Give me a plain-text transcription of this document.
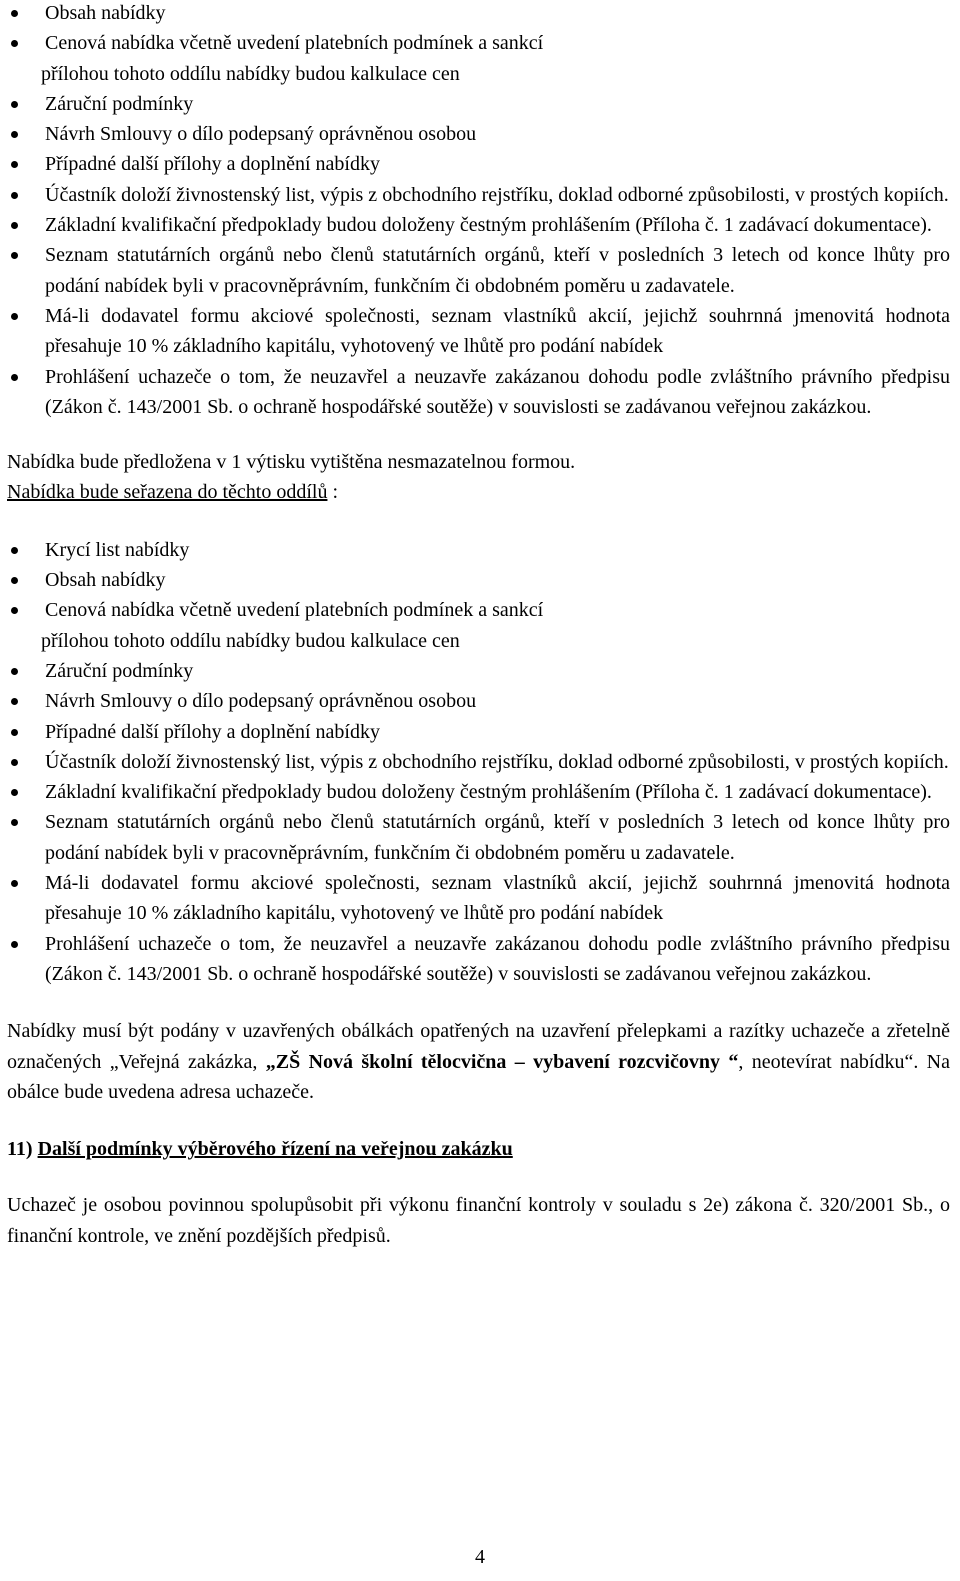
Obsah nabídky
Cenová nabídka včetně uvedení platebních podmínek a sankcí
přílohou tohoto oddílu nabídky budou kalkulace cen
Záruční podmínky
Návrh Smlouvy o dílo podepsaný oprávněnou osobou
Případné další přílohy a doplnění nabídky
Účastník doloží živnostenský list, výpis z obchodního rejstříku, doklad odborné způsobilosti, v prostých kopiích.
Základní kvalifikační předpoklady budou doloženy čestným prohlášením (Příloha č. 1 zadávací dokumentace).
Seznam statutárních orgánů nebo členů statutárních orgánů, kteří v posledních 3 letech od konce lhůty pro podání nabídek byli v pracovněprávním, funkčním či obdobném poměru u zadavatele.
Má-li dodavatel formu akciové společnosti, seznam vlastníků akcií, jejichž souhrnná jmenovitá hodnota přesahuje 10 % základního kapitálu, vyhotovený ve lhůtě pro podání nabídek
Prohlášení uchazeče o tom, že neuzavřel a neuzavře zakázanou dohodu podle zvláštního právního předpisu (Zákon č. 143/2001 Sb. o ochraně hospodářské soutěže) v souvislosti se zadávanou veřejnou zakázkou.

Nabídka bude předložena v 1 výtisku vytištěna nesmazatelnou formou.

Nabídka bude seřazena do těchto oddílů :

Krycí list nabídky
Obsah nabídky
Cenová nabídka včetně uvedení platebních podmínek a sankcí
přílohou tohoto oddílu nabídky budou kalkulace cen
Záruční podmínky
Návrh Smlouvy o dílo podepsaný oprávněnou osobou
Případné další přílohy a doplnění nabídky
Účastník doloží živnostenský list, výpis z obchodního rejstříku, doklad odborné způsobilosti, v prostých kopiích.
Základní kvalifikační předpoklady budou doloženy čestným prohlášením (Příloha č. 1 zadávací dokumentace).
Seznam statutárních orgánů nebo členů statutárních orgánů, kteří v posledních 3 letech od konce lhůty pro podání nabídek byli v pracovněprávním, funkčním či obdobném poměru u zadavatele.
Má-li dodavatel formu akciové společnosti, seznam vlastníků akcií, jejichž souhrnná jmenovitá hodnota přesahuje 10 % základního kapitálu, vyhotovený ve lhůtě pro podání nabídek
Prohlášení uchazeče o tom, že neuzavřel a neuzavře zakázanou dohodu podle zvláštního právního předpisu (Zákon č. 143/2001 Sb. o ochraně hospodářské soutěže) v souvislosti se zadávanou veřejnou zakázkou.

Nabídky musí být podány v uzavřených obálkách opatřených na uzavření přelepkami a razítky uchazeče a zřetelně označených „Veřejná zakázka, „ZŠ Nová školní tělocvična – vybavení rozcvičovny “, neotevírat nabídku“. Na obálce bude uvedena adresa uchazeče.

11) Další podmínky výběrového řízení na veřejnou zakázku

Uchazeč je osobou povinnou spolupůsobit při výkonu finanční kontroly v souladu s 2e) zákona č. 320/2001 Sb., o finanční kontrole, ve znění pozdějších předpisů.

4
